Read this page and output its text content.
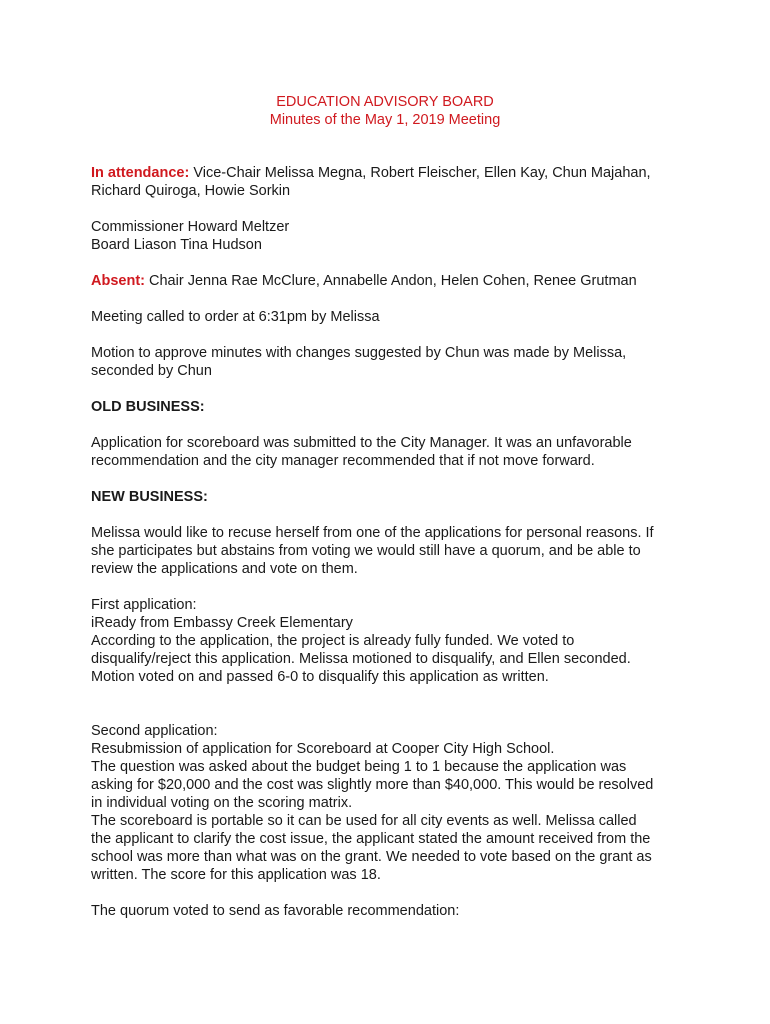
EDUCATION ADVISORY BOARD
Minutes of the May 1, 2019 Meeting

In attendance: Vice-Chair Melissa Megna, Robert Fleischer, Ellen Kay, Chun Majahan,
Richard Quiroga, Howie Sorkin

Commissioner Howard Meltzer
Board Liason Tina Hudson

Absent: Chair Jenna Rae McClure, Annabelle Andon, Helen Cohen, Renee Grutman

Meeting called to order at 6:31pm by Melissa

Motion to approve minutes with changes suggested by Chun was made by Melissa,
seconded by Chun

OLD BUSINESS:

Application for scoreboard was submitted to the City Manager. It was an unfavorable
recommendation and the city manager recommended that if not move forward.

NEW BUSINESS:

Melissa would like to recuse herself from one of the applications for personal reasons. If
she participates but abstains from voting we would still have a quorum, and be able to
review the applications and vote on them.

First application:
iReady from Embassy Creek Elementary
According to the application, the project is already fully funded. We voted to
disqualify/reject this application. Melissa motioned to disqualify, and Ellen seconded.
Motion voted on and passed 6-0 to disqualify this application as written.

Second application:
Resubmission of application for Scoreboard at Cooper City High School.
The question was asked about the budget being 1 to 1 because the application was
asking for $20,000 and the cost was slightly more than $40,000. This would be resolved
in individual voting on the scoring matrix.
The scoreboard is portable so it can be used for all city events as well. Melissa called
the applicant to clarify the cost issue, the applicant stated the amount received from the
school was more than what was on the grant. We needed to vote based on the grant as
written. The score for this application was 18.

The quorum voted to send as favorable recommendation:
